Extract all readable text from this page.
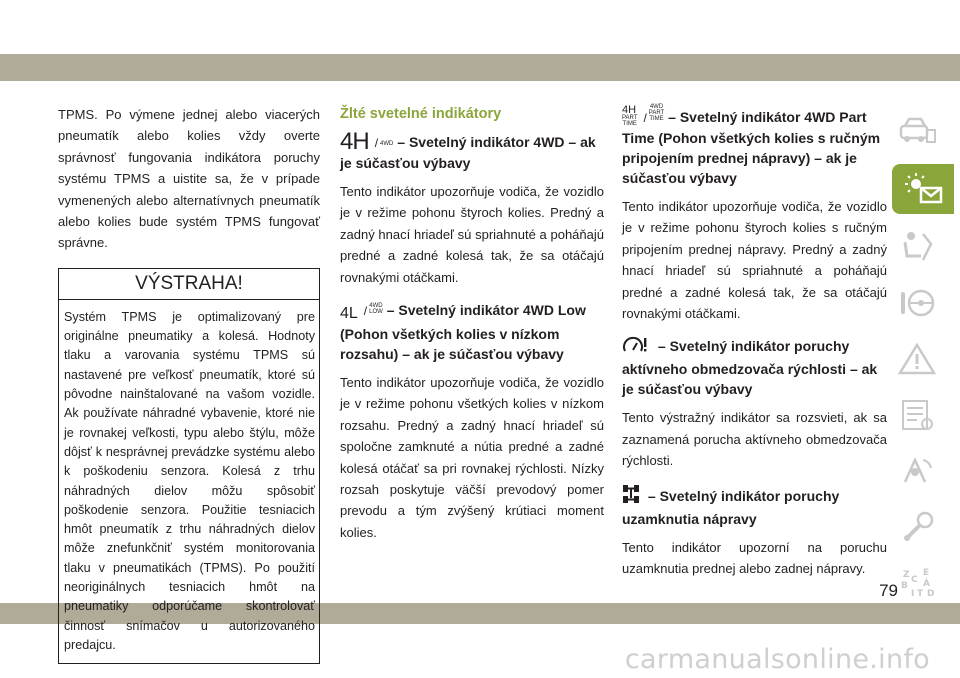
TPMS. Po výmene jednej alebo viacerých pneumatík alebo kolies vždy overte správnosť fungovania indikátora poruchy systému TPMS a uistite sa, že v prípade vymenených alebo alternatívnych pneumatík alebo kolies bude systém TPMS fungovať správne.

VÝSTRAHA!

Systém TPMS je optimalizovaný pre originálne pneumatiky a kolesá. Hodnoty tlaku a varovania systému TPMS sú nastavené pre veľkosť pneumatík, ktoré sú pôvodne nainštalované na vašom vozidle. Ak používate náhradné vybavenie, ktoré nie je rovnakej veľkosti, typu alebo štýlu, môže dôjsť k nesprávnej prevádzke systému alebo k poškodeniu senzora. Kolesá z trhu náhradných dielov môžu spôsobiť poškodenie senzora. Použitie tesniacich hmôt pneumatík z trhu náhradných dielov môže znefunkčniť systém monitorovania tlaku v pneumatikách (TPMS). Po použití neoriginálnych tesniacich hmôt na pneumatiky odporúčame skontrolovať činnosť snímačov u autorizovaného predajcu.

Žlté svetelné indikátory
4H / 4WD – Svetelný indikátor 4WD – ak je súčasťou výbavy

Tento indikátor upozorňuje vodiča, že vozidlo je v režime pohonu štyroch kolies. Predný a zadný hnací hriadeľ sú spriahnuté a poháňajú predné a zadné kolesá tak, že sa otáčajú rovnakými otáčkami.

4L / 4WD
LOW – Svetelný indikátor 4WD Low (Pohon všetkých kolies v nízkom rozsahu) – ak je súčasťou výbavy

Tento indikátor upozorňuje vodiča, že vozidlo je v režime pohonu všetkých kolies v nízkom rozsahu. Predný a zadný hnací hriadeľ sú spoločne zamknuté a nútia predné a zadné kolesá otáčať sa pri rovnakej rýchlosti. Nízky rozsah poskytuje väčší prevodový pomer prevodu a tým zvýšený krútiaci moment kolies.

4H
PART
TIME /4WD
PART
TIME – Svetelný indikátor 4WD Part Time (Pohon všetkých kolies s ručným pripojením prednej nápravy) – ak je súčasťou výbavy

Tento indikátor upozorňuje vodiča, že vozidlo je v režime pohonu štyroch kolies s ručným pripojením prednej nápravy. Predný a zadný hnací hriadeľ sú spriahnuté a poháňajú predné a zadné kolesá tak, že sa otáčajú rovnakými otáčkami.

– Svetelný indikátor poruchy aktívneho obmedzovača rýchlosti – ak je súčasťou výbavy

Tento výstražný indikátor sa rozsvieti, ak sa zaznamená porucha aktívneho obmedzovača rýchlosti.

– Svetelný indikátor poruchy uzamknutia nápravy

Tento indikátor upozorní na poruchu uzamknutia prednej alebo zadnej nápravy.	Z E
B Á
I T D
C
79
carmanualsonline.info
